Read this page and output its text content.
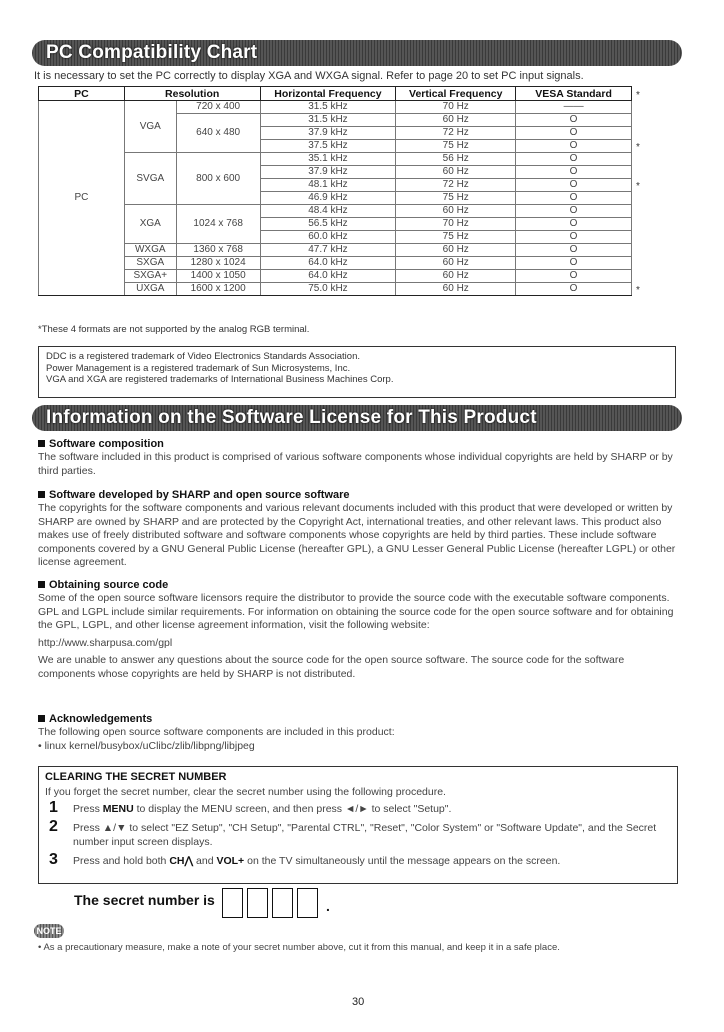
PC Compatibility Chart
It is necessary to set the PC correctly to display XGA and WXGA signal. Refer to page 20 to set PC input signals.
PC	Resolution		Horizontal Frequency	Vertical Frequency	VESA Standard
PC	VGA	720 x 400	31.5 kHz	70 Hz	——
		640 x 480	31.5 kHz	60 Hz	O
			37.9 kHz	72 Hz	O
			37.5 kHz	75 Hz	O
	SVGA	800 x 600	35.1 kHz	56 Hz	O
			37.9 kHz	60 Hz	O
			48.1 kHz	72 Hz	O
			46.9 kHz	75 Hz	O
	XGA	1024 x 768	48.4 kHz	60 Hz	O
			56.5 kHz	70 Hz	O
			60.0 kHz	75 Hz	O
	WXGA	1360 x 768	47.7 kHz	60 Hz	O
	SXGA	1280 x 1024	64.0 kHz	60 Hz	O
	SXGA+	1400 x 1050	64.0 kHz	60 Hz	O
	UXGA	1600 x 1200	75.0 kHz	60 Hz	O
*
*
*
*
*These 4 formats are not supported by the analog RGB terminal.
DDC is a registered trademark of Video Electronics Standards Association.
Power Management is a registered trademark of Sun Microsystems, Inc.
VGA and XGA are registered trademarks of International Business Machines Corp.
Information on the Software License for This Product
Software composition

The software included in this product is comprised of various software components whose individual copyrights are held by SHARP or by third parties.

Software developed by SHARP and open source software

The copyrights for the software components and various relevant documents included with this product that were developed or written by SHARP are owned by SHARP and are protected by the Copyright Act, international treaties, and other relevant laws. This product also makes use of freely distributed software and software components whose copyrights are held by third parties. These include software components covered by a GNU General Public License (hereafter GPL), a GNU Lesser General Public License (hereafter LGPL) or other license agreement.

Obtaining source code

Some of the open source software licensors require the distributor to provide the source code with the executable software components. GPL and LGPL include similar requirements. For information on obtaining the source code for the open source software and for obtaining the GPL, LGPL, and other license agreement information, visit the following website:

http://www.sharpusa.com/gpl

We are unable to answer any questions about the source code for the open source software. The source code for the software components whose copyrights are held by SHARP is not distributed.

Acknowledgements

The following open source software components are included in this product:

• linux kernel/busybox/uClibc/zlib/libpng/libjpeg

CLEARING THE SECRET NUMBER
If you forget the secret number, clear the secret number using the following procedure.
1 Press MENU to display the MENU screen, and then press ◄/► to select "Setup".
2 Press ▲/▼ to select "EZ Setup", "CH Setup", "Parental CTRL", "Reset", "Color System" or "Software Update", and the Secret number input screen displays.
3 Press and hold both CH⋀ and VOL+ on the TV simultaneously until the message appears on the screen.
The secret number is	.
NOTE
• As a precautionary measure, make a note of your secret number above, cut it from this manual, and keep it in a safe place.
30
